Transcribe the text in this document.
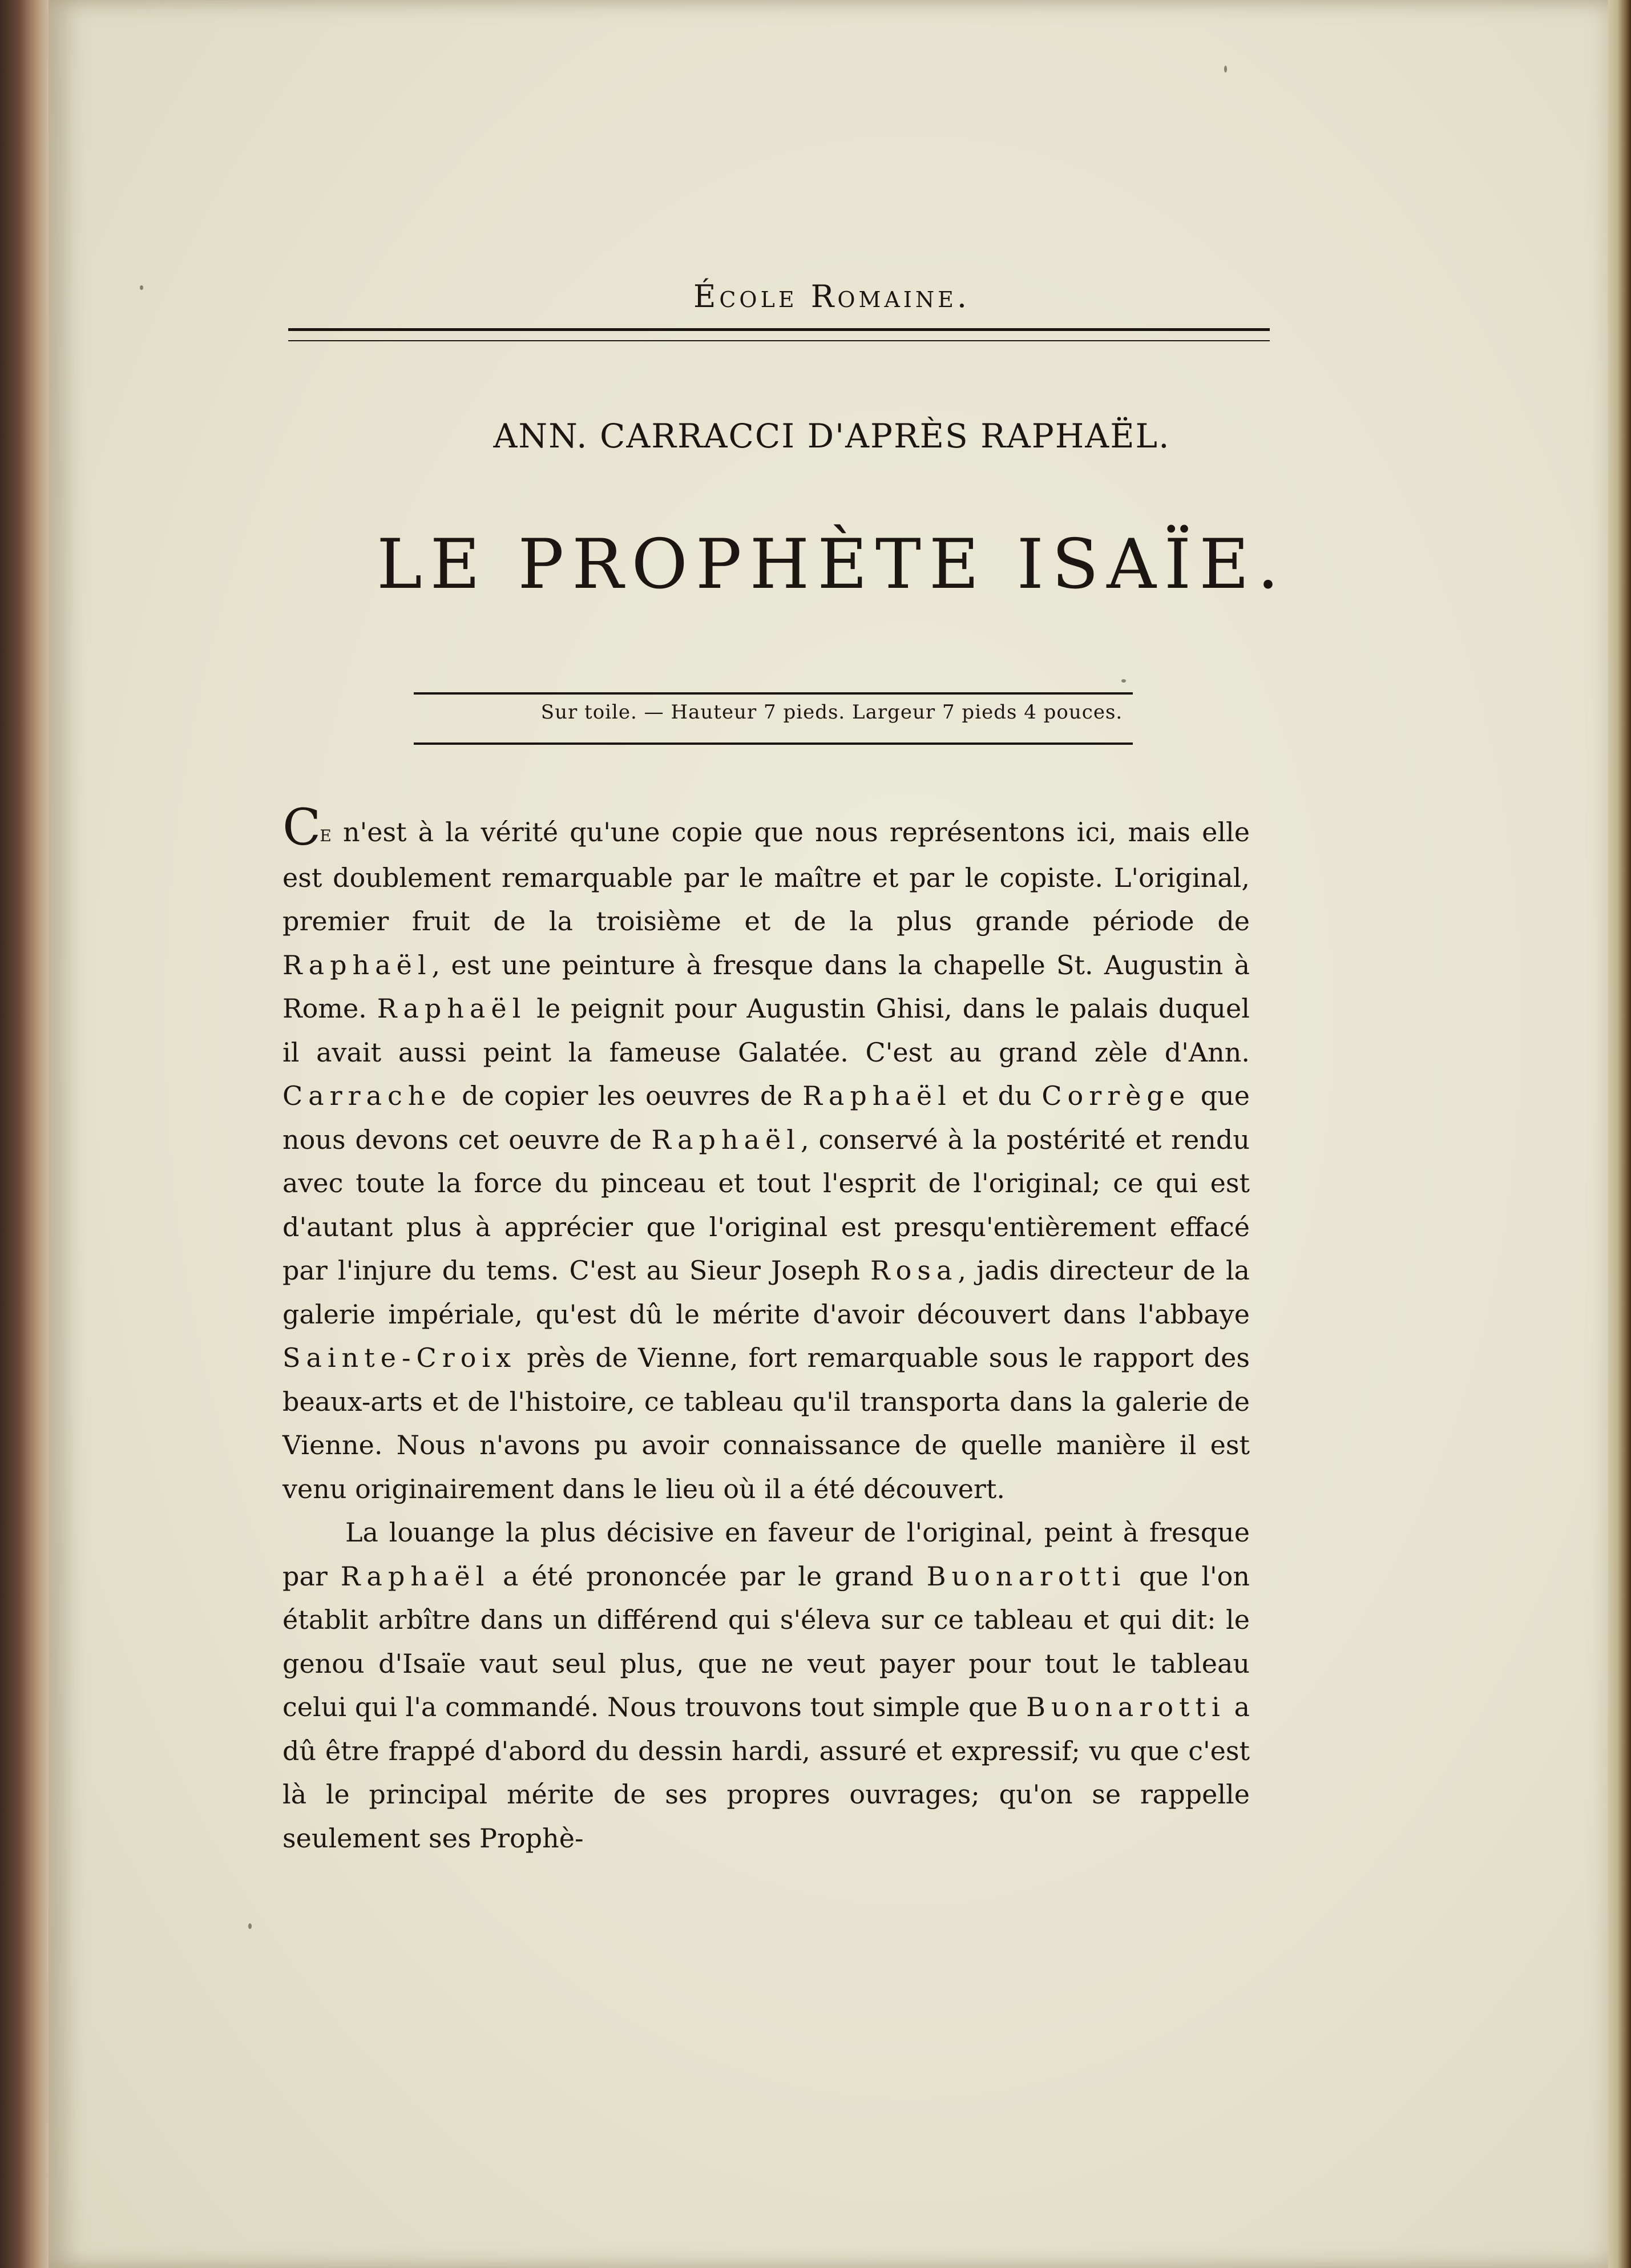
École Romaine.
ANN. CARRACCI D'APRÈS RAPHAËL.
LE PROPHÈTE ISAÏE.
Sur toile. — Hauteur 7 pieds. Largeur 7 pieds 4 pouces.

Ce n'est à la vérité qu'une copie que nous représentons ici, mais elle est doublement remarquable par le maître et par le copiste. L'original, premier fruit de la troisième et de la plus grande période de Raphaël, est une peinture à fresque dans la chapelle St. Augustin à Rome. Raphaël le peignit pour Augustin Ghisi, dans le palais duquel il avait aussi peint la fameuse Galatée. C'est au grand zèle d'Ann. Carrache de copier les oeuvres de Raphaël et du Corrège que nous devons cet oeuvre de Raphaël, conservé à la postérité et rendu avec toute la force du pinceau et tout l'esprit de l'original; ce qui est d'autant plus à apprécier que l'original est presqu'entièrement effacé par l'injure du tems. C'est au Sieur Joseph Rosa, jadis directeur de la galerie impériale, qu'est dû le mérite d'avoir découvert dans l'abbaye Sainte-Croix près de Vienne, fort remarquable sous le rapport des beaux-arts et de l'histoire, ce tableau qu'il transporta dans la galerie de Vienne. Nous n'avons pu avoir connaissance de quelle manière il est venu originairement dans le lieu où il a été découvert.

La louange la plus décisive en faveur de l'original, peint à fresque par Raphaël a été prononcée par le grand Buonarotti que l'on établit arbître dans un différend qui s'éleva sur ce tableau et qui dit: le genou d'Isaïe vaut seul plus, que ne veut payer pour tout le tableau celui qui l'a commandé. Nous trouvons tout simple que Buonarotti a dû être frappé d'abord du dessin hardi, assuré et expressif; vu que c'est là le principal mérite de ses propres ouvrages; qu'on se rappelle seulement ses Prophè-
